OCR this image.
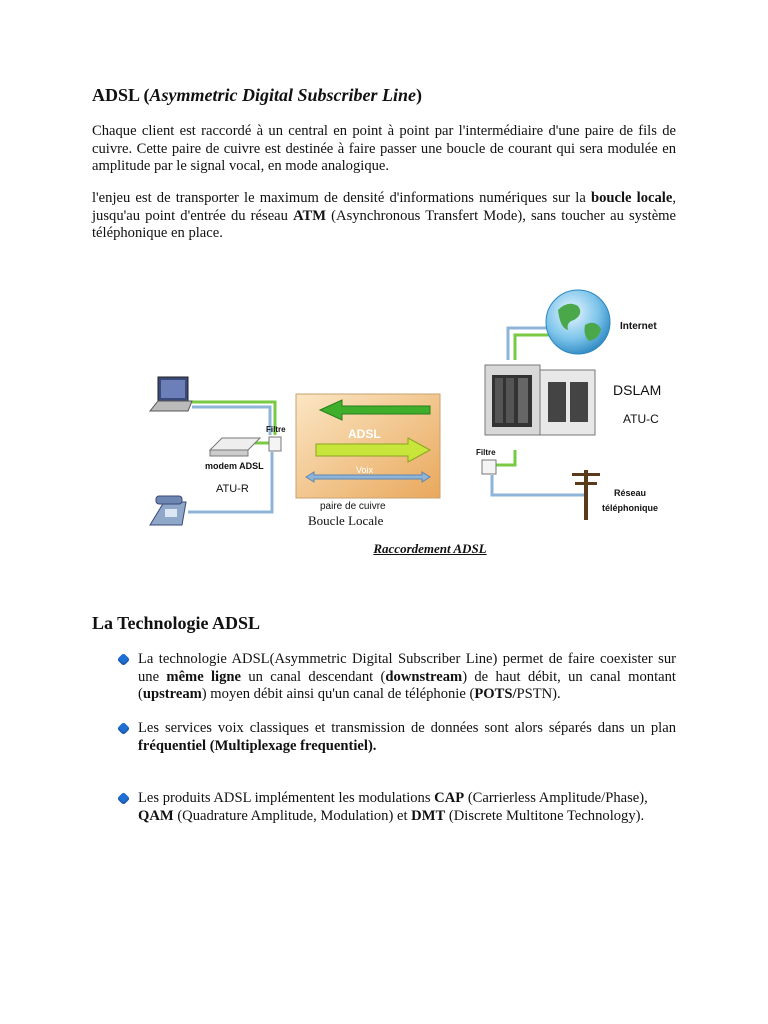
ADSL (Asymmetric Digital Subscriber Line)

Chaque client est raccordé à un central en point à point par l'intermédiaire d'une paire de fils de cuivre. Cette paire de cuivre est destinée à faire passer une boucle de courant qui sera modulée en amplitude par le signal vocal, en mode analogique.

l'enjeu est de transporter le maximum de densité d'informations numériques sur la boucle locale, jusqu'au point d'entrée du réseau ATM (Asynchronous Transfert Mode), sans toucher au système téléphonique en place.

Internet
DSLAM
ATU-C
modem ADSL
ATU-R
Filtre
Filtre
ADSL
Voix
paire de cuivre
Boucle Locale
Réseau
téléphonique
Raccordement ADSL
La Technologie ADSL

La technologie ADSL(Asymmetric Digital Subscriber Line) permet de faire coexister sur une même ligne un canal descendant (downstream) de haut débit, un canal montant (upstream) moyen débit ainsi qu'un canal de téléphonie (POTS/PSTN).

Les services voix classiques et transmission de données sont alors séparés dans un plan fréquentiel (Multiplexage frequentiel).

Les produits ADSL implémentent les modulations CAP (Carrierless Amplitude/Phase), QAM (Quadrature Amplitude, Modulation) et DMT (Discrete Multitone Technology).
